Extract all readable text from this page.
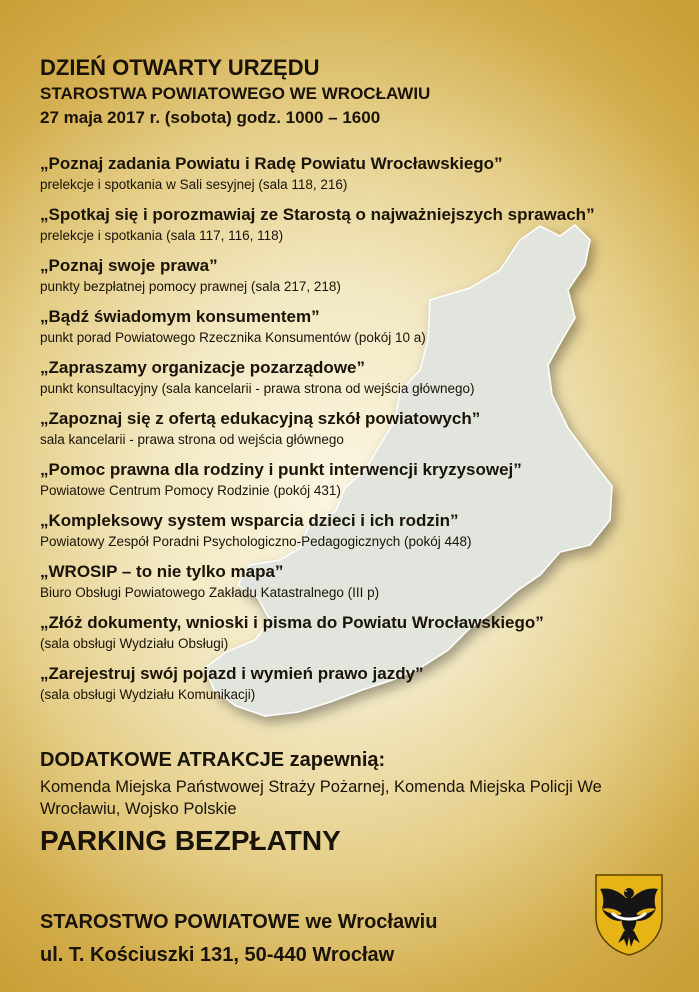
DZIEŃ OTWARTY URZĘDU
STAROSTWA POWIATOWEGO WE WROCŁAWIU
27 maja 2017 r. (sobota) godz. 1000 – 1600
„Poznaj zadania Powiatu i Radę Powiatu Wrocławskiego”
prelekcje i spotkania w Sali sesyjnej (sala 118, 216)
„Spotkaj się i porozmawiaj ze Starostą o najważniejszych sprawach”
prelekcje i spotkania (sala 117, 116, 118)
„Poznaj swoje prawa”
punkty bezpłatnej pomocy prawnej (sala 217, 218)
„Bądź świadomym konsumentem”
punkt porad Powiatowego Rzecznika Konsumentów (pokój 10 a)
„Zapraszamy organizacje pozarządowe”
punkt konsultacyjny (sala kancelarii - prawa strona od wejścia głównego)
„Zapoznaj się z ofertą edukacyjną szkół powiatowych”
sala kancelarii - prawa strona od wejścia głównego
„Pomoc prawna dla rodziny i punkt interwencji kryzysowej”
Powiatowe Centrum Pomocy Rodzinie (pokój 431)
„Kompleksowy system wsparcia dzieci i ich rodzin”
Powiatowy Zespół Poradni Psychologiczno-Pedagogicznych (pokój 448)
„WROSIP – to nie tylko mapa”
Biuro Obsługi Powiatowego Zakładu Katastralnego (III p)
„Złóż dokumenty, wnioski i pisma do Powiatu Wrocławskiego”
(sala obsługi Wydziału Obsługi)
„Zarejestruj swój pojazd i wymień prawo jazdy”
(sala obsługi Wydziału Komunikacji)
DODATKOWE ATRAKCJE zapewnią:
Komenda Miejska Państwowej Straży Pożarnej, Komenda Miejska Policji We Wrocławiu, Wojsko Polskie
PARKING BEZPŁATNY
STAROSTWO POWIATOWE we Wrocławiu
ul. T. Kościuszki 131, 50-440 Wrocław
